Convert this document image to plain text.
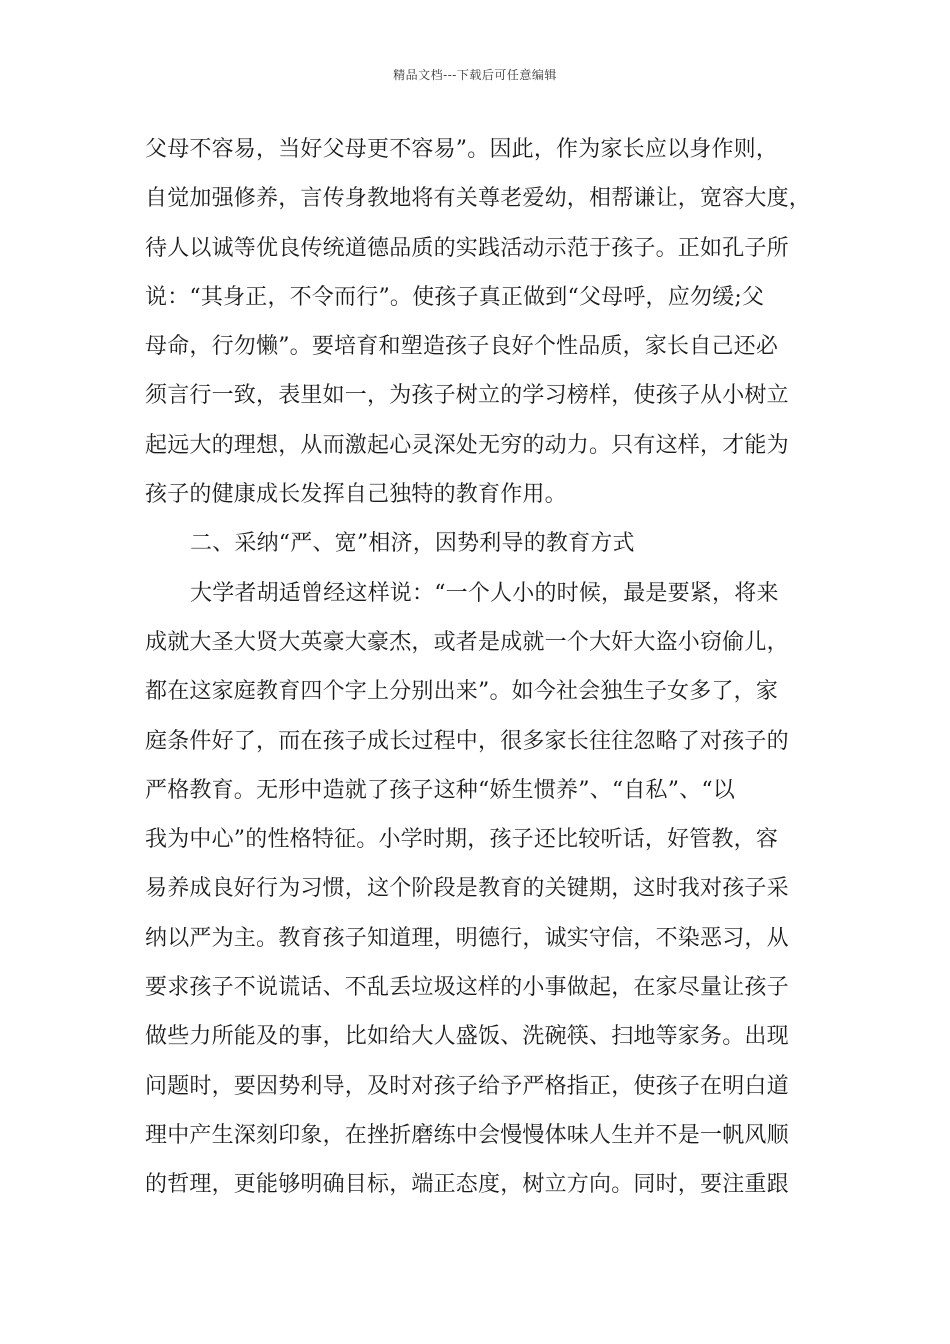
精品文档---下载后可任意编辑
父母不容易，当好父母更不容易”。因此，作为家长应以身作则，
自觉加强修养，言传身教地将有关尊老爱幼，相帮谦让，宽容大度，
待人以诚等优良传统道德品质的实践活动示范于孩子。正如孔子所
说：“其身正，不令而行”。使孩子真正做到“父母呼，应勿缓;父
母命，行勿懒”。要培育和塑造孩子良好个性品质，家长自己还必
须言行一致，表里如一，为孩子树立的学习榜样，使孩子从小树立
起远大的理想，从而激起心灵深处无穷的动力。只有这样，才能为
孩子的健康成长发挥自己独特的教育作用。
二、采纳“严、宽”相济，因势利导的教育方式
大学者胡适曾经这样说：“一个人小的时候，最是要紧，将来
成就大圣大贤大英豪大豪杰，或者是成就一个大奸大盗小窃偷儿，
都在这家庭教育四个字上分别出来”。如今社会独生子女多了，家
庭条件好了，而在孩子成长过程中，很多家长往往忽略了对孩子的
严格教育。无形中造就了孩子这种“娇生惯养”、“自私”、“以
我为中心”的性格特征。小学时期，孩子还比较听话，好管教，容
易养成良好行为习惯，这个阶段是教育的关键期，这时我对孩子采
纳以严为主。教育孩子知道理，明德行，诚实守信，不染恶习，从
要求孩子不说谎话、不乱丢垃圾这样的小事做起，在家尽量让孩子
做些力所能及的事，比如给大人盛饭、洗碗筷、扫地等家务。出现
问题时，要因势利导，及时对孩子给予严格指正，使孩子在明白道
理中产生深刻印象，在挫折磨练中会慢慢体味人生并不是一帆风顺
的哲理，更能够明确目标，端正态度，树立方向。同时，要注重跟
